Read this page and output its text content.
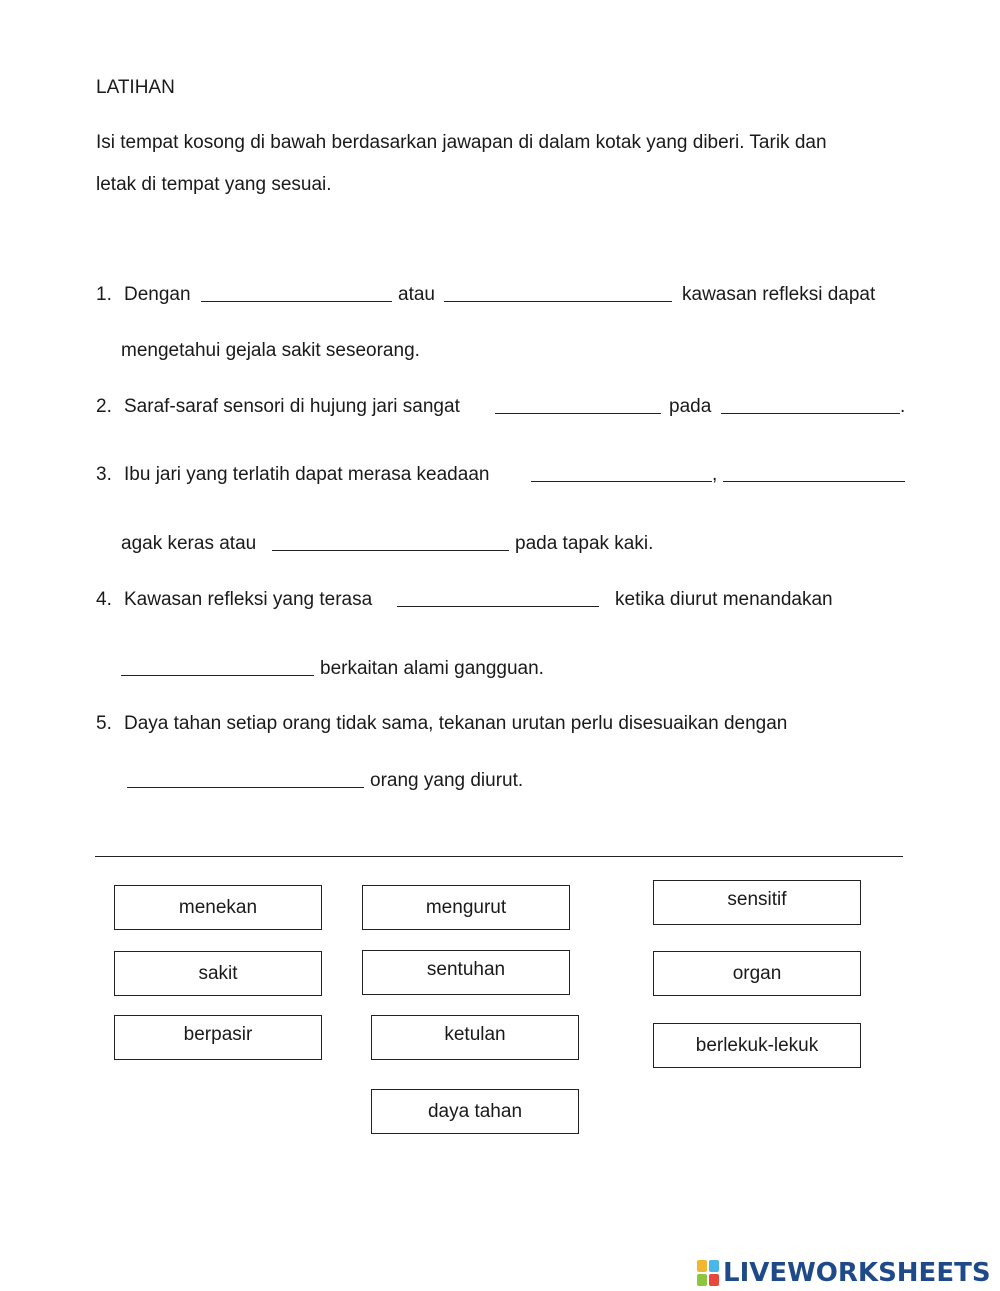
LATIHAN
Isi tempat kosong di bawah berdasarkan jawapan di dalam kotak yang diberi. Tarik dan
letak di tempat yang sesuai.
1. Dengan	atau	kawasan refleksi dapat
mengetahui gejala sakit seseorang.
2. Saraf-saraf sensori di hujung jari sangat	pada	.
3. Ibu jari yang terlatih dapat merasa keadaan	,
agak keras atau	pada tapak kaki.
4. Kawasan refleksi yang terasa	ketika diurut menandakan
berkaitan alami gangguan.
5. Daya tahan setiap orang tidak sama, tekanan urutan perlu disesuaikan dengan
orang yang diurut.
menekan	mengurut	sensitif
sakit	sentuhan	organ
berpasir	ketulan	berlekuk-lekuk
daya tahan
LIVEWORKSHEETS
